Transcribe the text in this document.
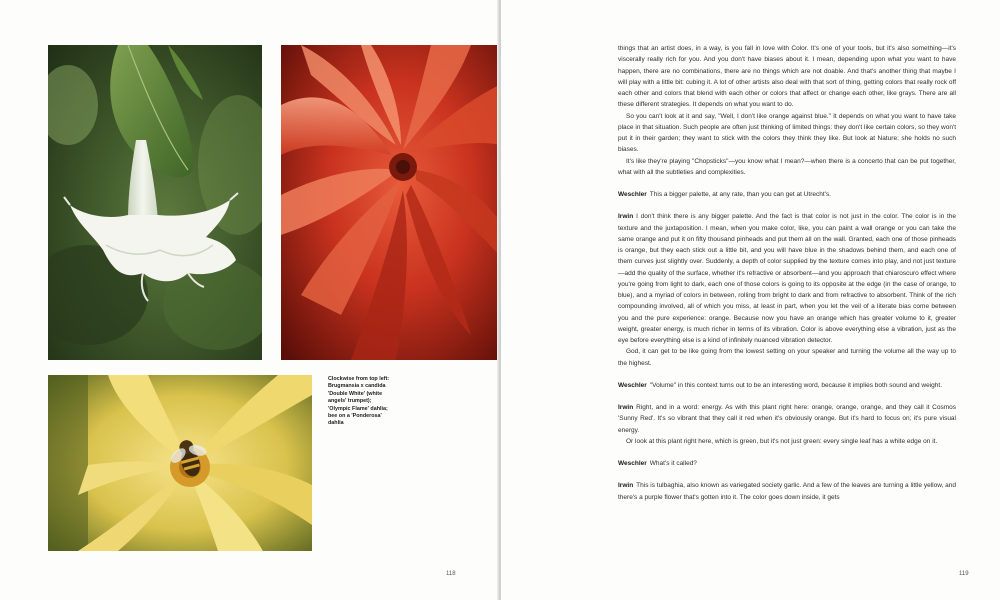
Clockwise from top left: Brugmansia x candida 'Double White' (white angels' trumpet); 'Olympic Flame' dahlia; bee on a 'Ponderosa' dahlia
118

things that an artist does, in a way, is you fall in love with Color. It's one of your tools, but it's also something—it's viscerally really rich for you. And you don't have biases about it. I mean, depending upon what you want to have happen, there are no combinations, there are no things which are not doable. And that's another thing that maybe I will play with a little bit: cubing it. A lot of other artists also deal with that sort of thing, getting colors that really rock off each other and colors that blend with each other or colors that affect or change each other, like grays. There are all these different strategies. It depends on what you want to do.

So you can't look at it and say, "Well, I don't like orange against blue." It depends on what you want to have take place in that situation. Such people are often just thinking of limited things: they don't like certain colors, so they won't put it in their garden; they want to stick with the colors they think they like. But look at Nature: she holds no such biases.

It's like they're playing "Chopsticks"—you know what I mean?—when there is a concerto that can be put together, what with all the subtleties and complexities.

Weschler This a bigger palette, at any rate, than you can get at Utrecht's.

Irwin I don't think there is any bigger palette. And the fact is that color is not just in the color. The color is in the texture and the juxtaposition. I mean, when you make color, like, you can paint a wall orange or you can take the same orange and put it on fifty thousand pinheads and put them all on the wall. Granted, each one of those pinheads is orange, but they each stick out a little bit, and you will have blue in the shadows behind them, and each one of them curves just slightly over. Suddenly, a depth of color supplied by the texture comes into play, and not just texture—add the quality of the surface, whether it's refractive or absorbent—and you approach that chiaroscuro effect where you're going from light to dark, each one of those colors is going to its opposite at the edge (in the case of orange, to blue), and a myriad of colors in between, rolling from bright to dark and from refractive to absorbent. Think of the rich compounding involved, all of which you miss, at least in part, when you let the veil of a literate bias come between you and the pure experience: orange. Because now you have an orange which has greater volume to it, greater weight, greater energy, is much richer in terms of its vibration. Color is above everything else a vibration, just as the eye before everything else is a kind of infinitely nuanced vibration detector.

God, it can get to be like going from the lowest setting on your speaker and turning the volume all the way up to the highest.

Weschler "Volume" in this context turns out to be an interesting word, because it implies both sound and weight.

Irwin Right, and in a word: energy. As with this plant right here: orange, orange, orange, and they call it Cosmos 'Sunny Red'. It's so vibrant that they call it red when it's obviously orange. But it's hard to focus on; it's pure visual energy.

Or look at this plant right here, which is green, but it's not just green: every single leaf has a white edge on it.

Weschler What's it called?

Irwin This is tulbaghia, also known as variegated society garlic. And a few of the leaves are turning a little yellow, and there's a purple flower that's gotten into it. The color goes down inside, it gets

119
